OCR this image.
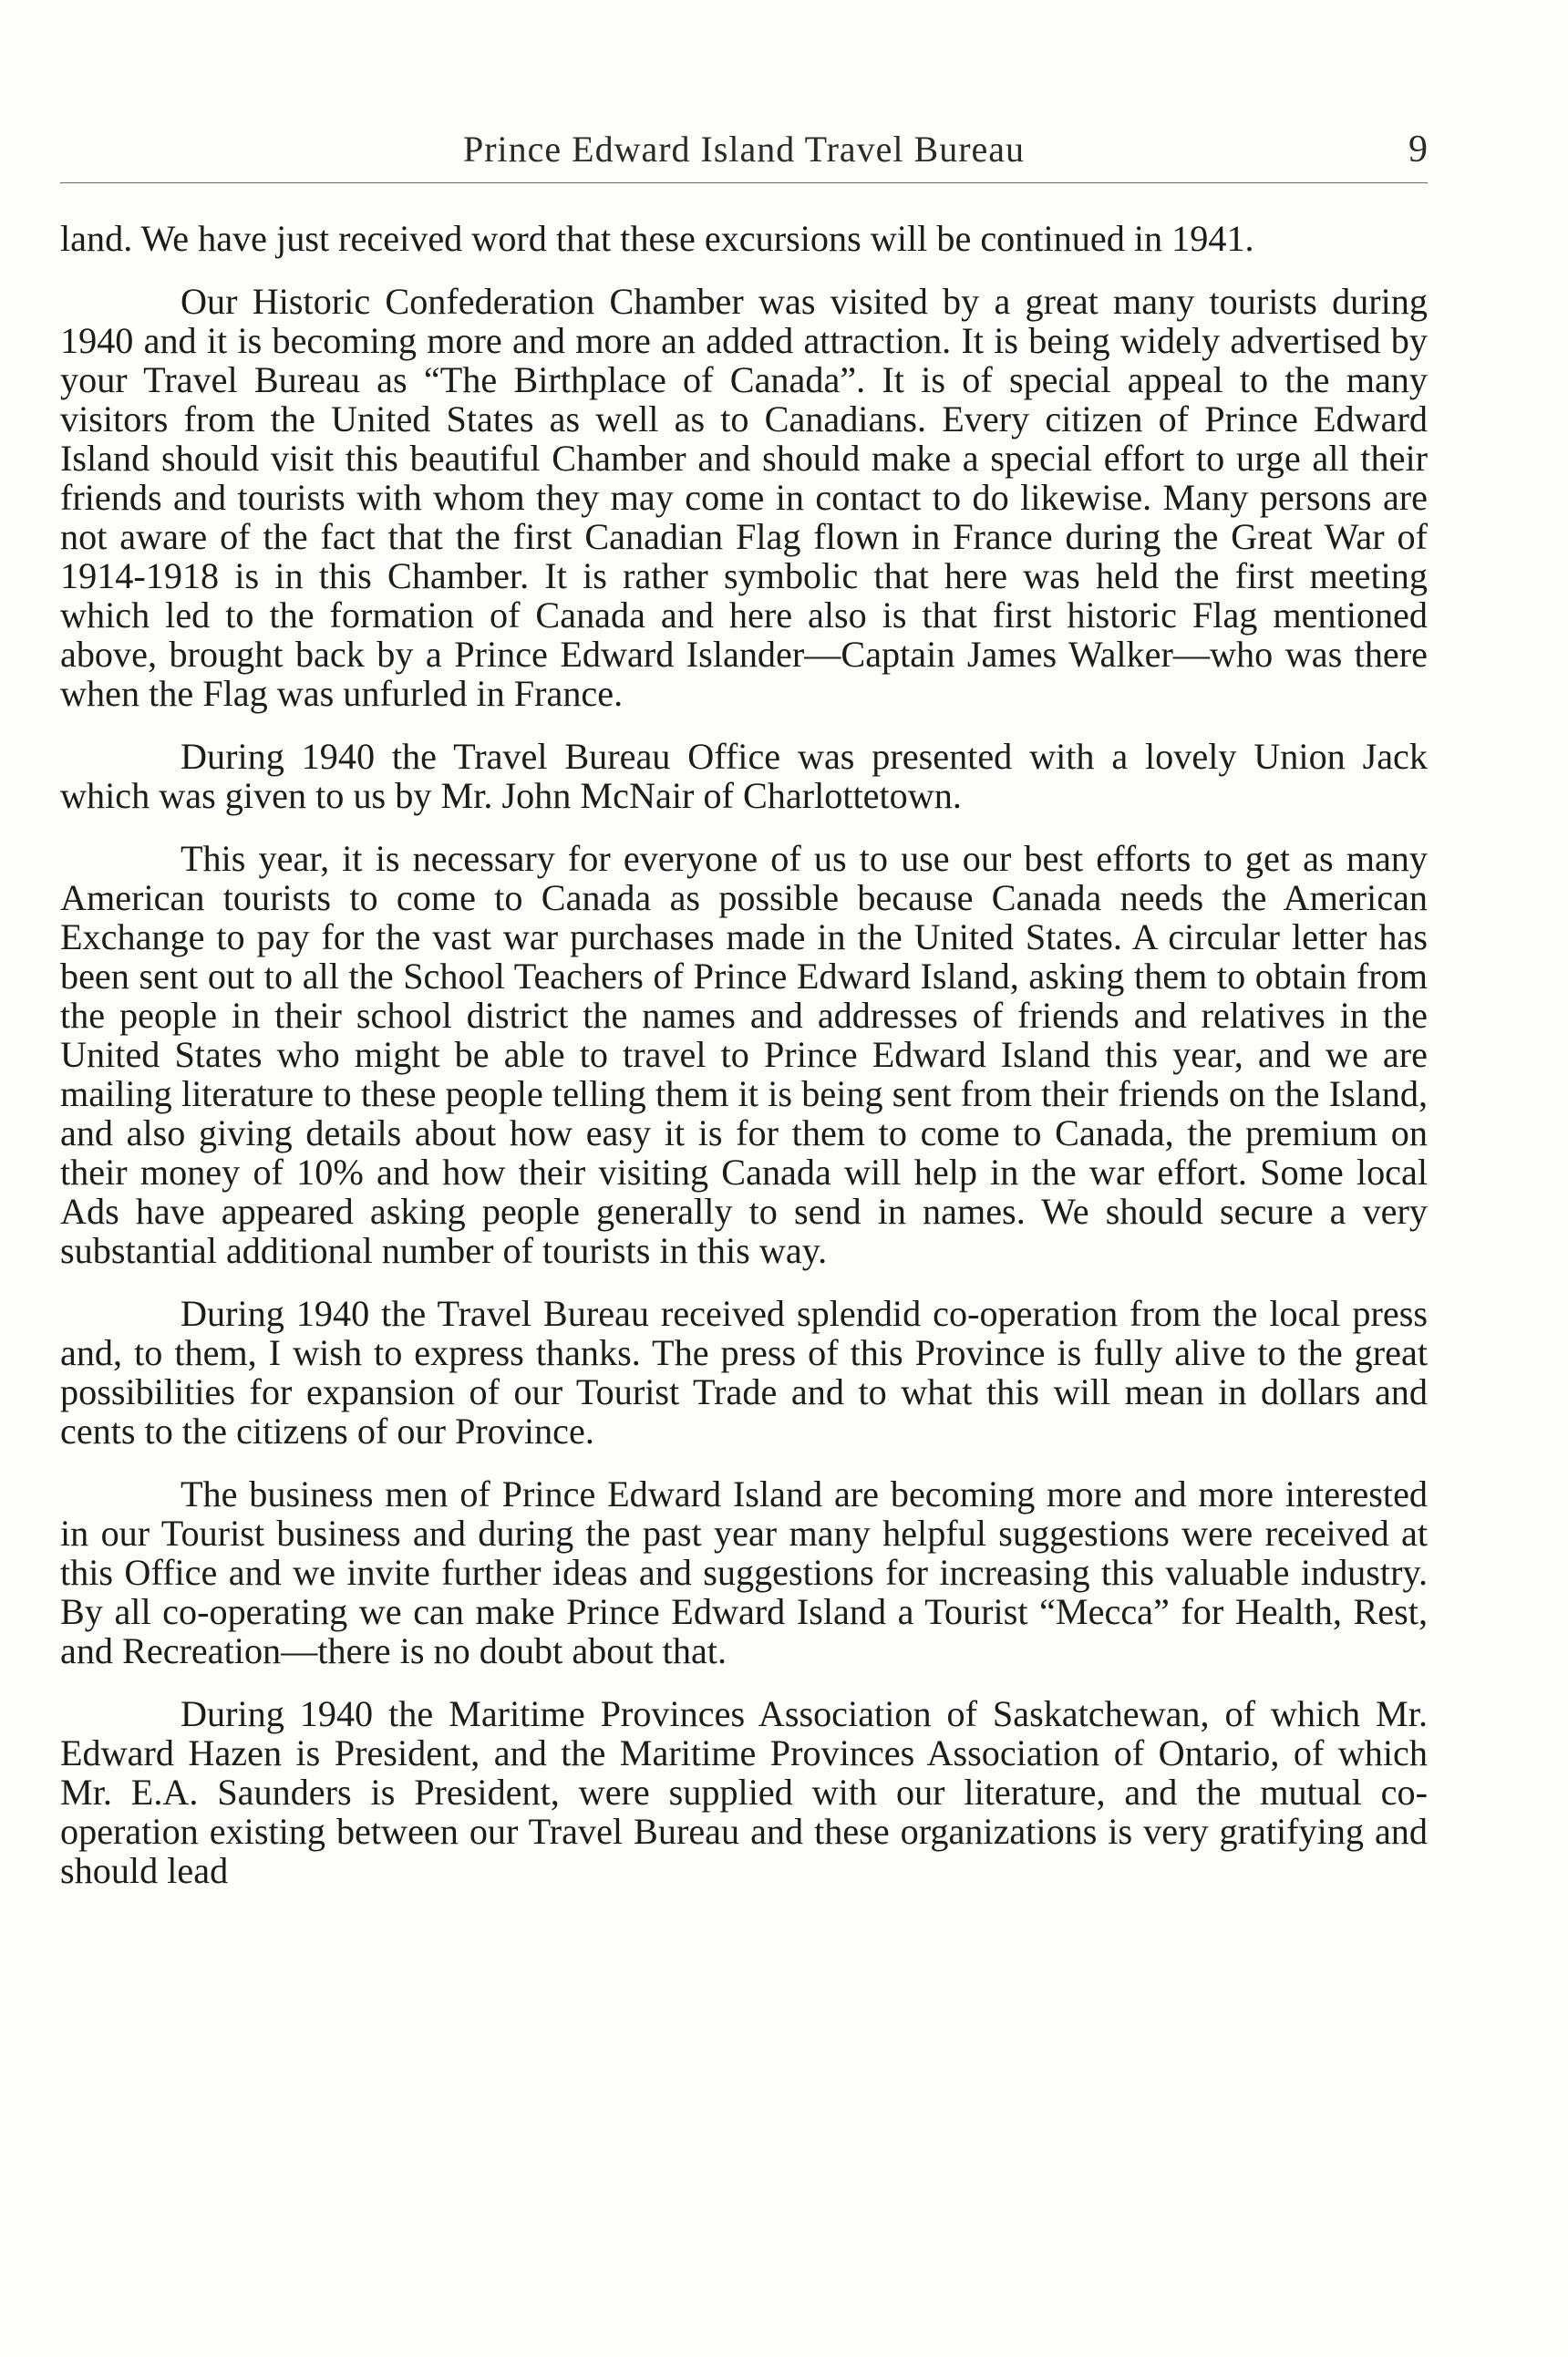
Prince Edward Island Travel Bureau	9

land. We have just received word that these excursions will be continued in 1941.

Our Historic Confederation Chamber was visited by a great many tourists during 1940 and it is becoming more and more an added attraction. It is being widely advertised by your Travel Bureau as “The Birthplace of Canada”. It is of special appeal to the many visitors from the United States as well as to Canadians. Every citizen of Prince Edward Island should visit this beautiful Chamber and should make a special effort to urge all their friends and tourists with whom they may come in contact to do likewise. Many persons are not aware of the fact that the first Canadian Flag flown in France during the Great War of 1914-1918 is in this Chamber. It is rather symbolic that here was held the first meeting which led to the formation of Canada and here also is that first historic Flag mentioned above, brought back by a Prince Edward Islander—Captain James Walker—who was there when the Flag was unfurled in France.

During 1940 the Travel Bureau Office was presented with a lovely Union Jack which was given to us by Mr. John McNair of Charlottetown.

This year, it is necessary for everyone of us to use our best efforts to get as many American tourists to come to Canada as possible because Canada needs the American Exchange to pay for the vast war purchases made in the United States. A circular letter has been sent out to all the School Teachers of Prince Edward Island, asking them to obtain from the people in their school district the names and addresses of friends and relatives in the United States who might be able to travel to Prince Edward Island this year, and we are mailing literature to these people telling them it is being sent from their friends on the Island, and also giving details about how easy it is for them to come to Canada, the premium on their money of 10% and how their visiting Canada will help in the war effort. Some local Ads have appeared asking people generally to send in names. We should secure a very substantial additional number of tourists in this way.

During 1940 the Travel Bureau received splendid co-operation from the local press and, to them, I wish to express thanks. The press of this Province is fully alive to the great possibilities for expansion of our Tourist Trade and to what this will mean in dollars and cents to the citizens of our Province.

The business men of Prince Edward Island are becoming more and more interested in our Tourist business and during the past year many helpful suggestions were received at this Office and we invite further ideas and suggestions for increasing this valuable industry. By all co-operating we can make Prince Edward Island a Tourist “Mecca” for Health, Rest, and Recreation—there is no doubt about that.

During 1940 the Maritime Provinces Association of Saskatchewan, of which Mr. Edward Hazen is President, and the Maritime Provinces Association of Ontario, of which Mr. E.A. Saunders is President, were supplied with our literature, and the mutual co-operation existing between our Travel Bureau and these organizations is very gratifying and should lead
